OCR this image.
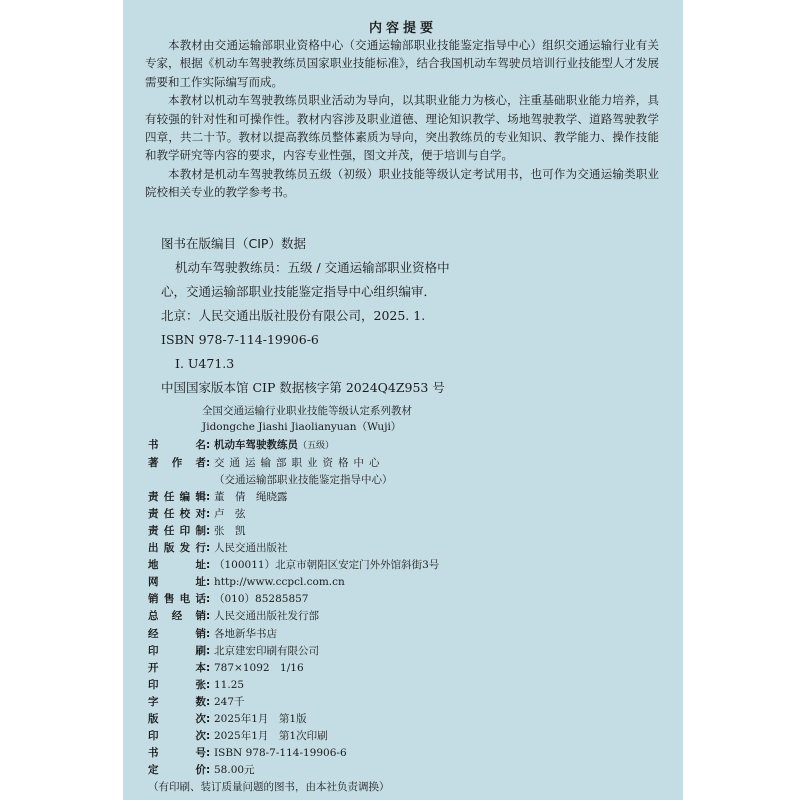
内容提要

本教材由交通运输部职业资格中心（交通运输部职业技能鉴定指导中心）组织交通运输行业有关专家，根据《机动车驾驶教练员国家职业技能标准》，结合我国机动车驾驶员培训行业技能型人才发展需要和工作实际编写而成。

本教材以机动车驾驶教练员职业活动为导向，以其职业能力为核心，注重基础职业能力培养，具有较强的针对性和可操作性。教材内容涉及职业道德、理论知识教学、场地驾驶教学、道路驾驶教学四章，共二十节。教材以提高教练员整体素质为导向，突出教练员的专业知识、教学能力、操作技能和教学研究等内容的要求，内容专业性强，图文并茂，便于培训与自学。

本教材是机动车驾驶教练员五级（初级）职业技能等级认定考试用书，也可作为交通运输类职业院校相关专业的教学参考书。

图书在版编目（CIP）数据
机动车驾驶教练员：五级 / 交通运输部职业资格中
心，交通运输部职业技能鉴定指导中心组织编审．
北京：人民交通出版社股份有限公司，2025. 1.
ISBN 978-7-114-19906-6
Ⅰ. U471.3
中国国家版本馆 CIP 数据核字第 2024Q4Z953 号
全国交通运输行业职业技能等级认定系列教材
Jidongche Jiashi Jiaolianyuan（Wuji）
书名 : 机动车驾驶教练员（五级）
著作者 : 交通运输部职业资格中心
（交通运输部职业技能鉴定指导中心）
责任编辑 : 董　倩　绳晓露
责任校对 : 卢　弦
责任印制 : 张　凯
出版发行 : 人民交通出版社
地址 : （100011）北京市朝阳区安定门外外馆斜街3号
网址 : http://www.ccpcl.com.cn
销售电话 : （010）85285857
总经销 : 人民交通出版社发行部
经销 : 各地新华书店
印刷 : 北京建宏印刷有限公司
开本 : 787×1092　1/16
印张 : 11.25
字数 : 247千
版次 : 2025年1月　第1版
印次 : 2025年1月　第1次印刷
书号 : ISBN 978-7-114-19906-6
定价 : 58.00元
（有印刷、装订质量问题的图书，由本社负责调换）
